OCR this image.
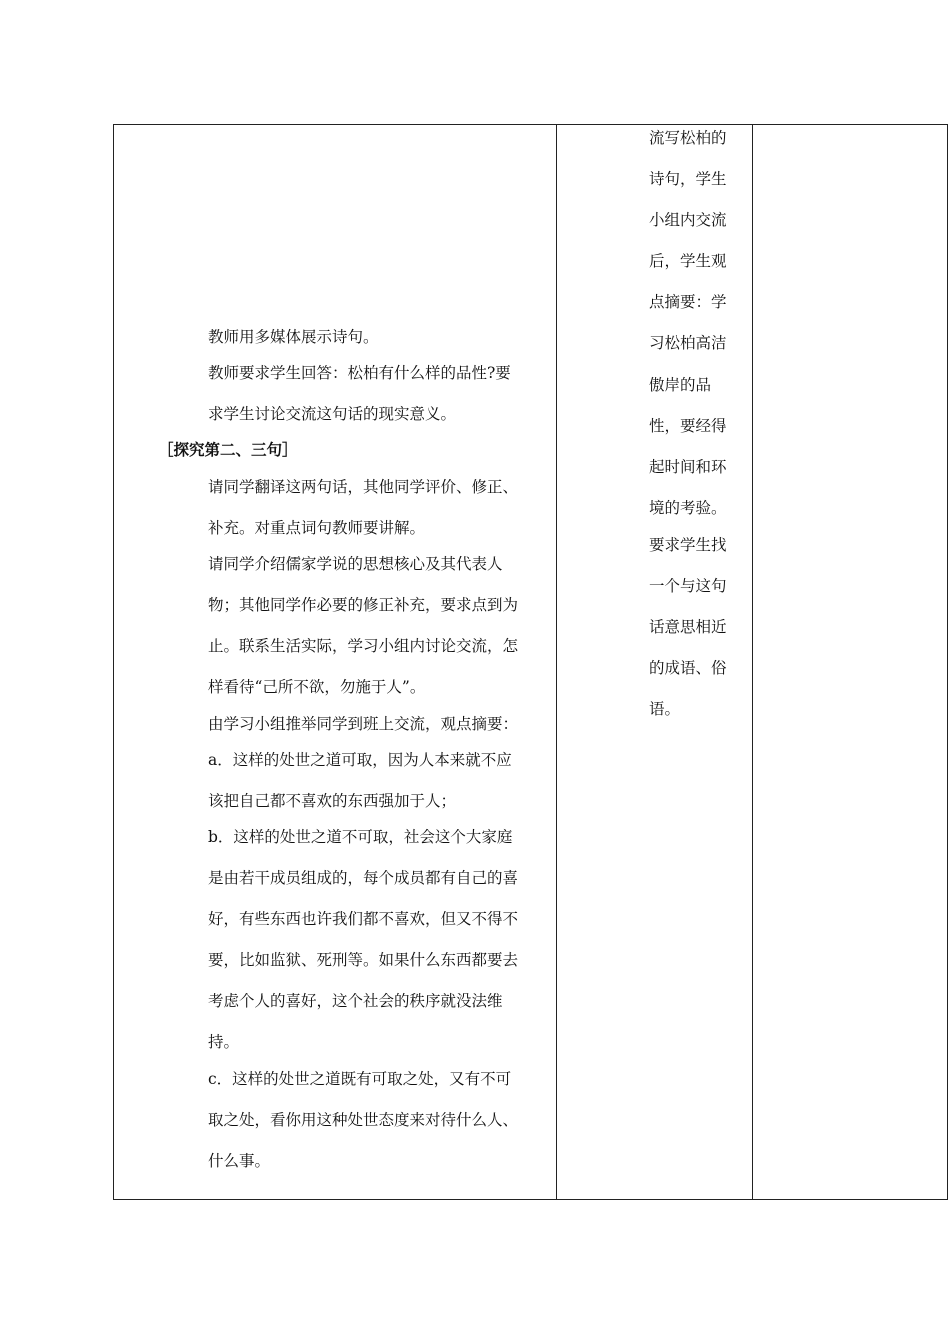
教师用多媒体展示诗句。
教师要求学生回答：松柏有什么样的品性?要
求学生讨论交流这句话的现实意义。
［探究第二、三句］
请同学翻译这两句话，其他同学评价、修正、
补充。对重点词句教师要讲解。
请同学介绍儒家学说的思想核心及其代表人
物；其他同学作必要的修正补充，要求点到为
止。联系生活实际，学习小组内讨论交流，怎
样看待“己所不欲，勿施于人”。
由学习小组推举同学到班上交流，观点摘要：
a．这样的处世之道可取，因为人本来就不应
该把自己都不喜欢的东西强加于人；
b．这样的处世之道不可取，社会这个大家庭
是由若干成员组成的，每个成员都有自己的喜
好，有些东西也许我们都不喜欢，但又不得不
要，比如监狱、死刑等。如果什么东西都要去
考虑个人的喜好，这个社会的秩序就没法维
持。
c．这样的处世之道既有可取之处，又有不可
取之处，看你用这种处世态度来对待什么人、
什么事。
流写松柏的
诗句，学生
小组内交流
后，学生观
点摘要：学
习松柏高洁
傲岸的品
性，要经得
起时间和环
境的考验。
要求学生找
一个与这句
话意思相近
的成语、俗
语。
